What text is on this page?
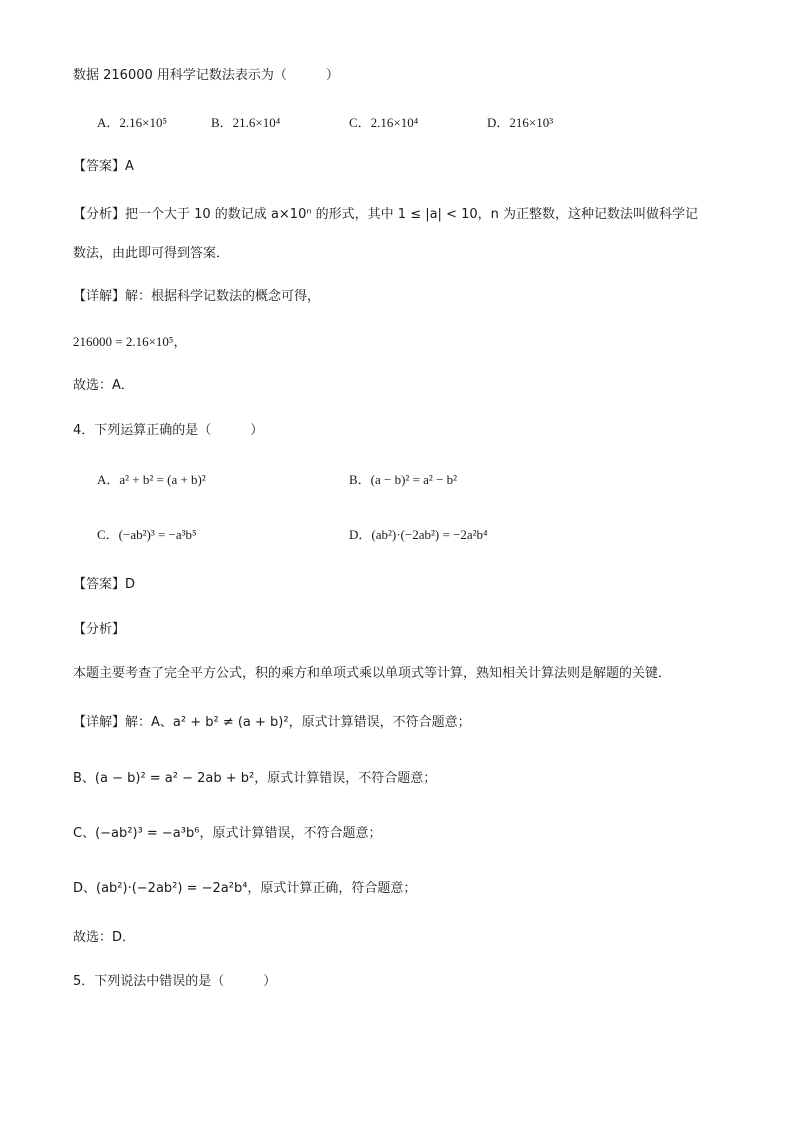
数据 216000 用科学记数法表示为（　　　）
A．2.16×10⁵	B．21.6×10⁴	C．2.16×10⁴	D．216×10³
【答案】A
【分析】把一个大于 10 的数记成 a×10ⁿ 的形式，其中 1 ≤ |a| < 10，n 为正整数，这种记数法叫做科学记
数法，由此即可得到答案．
【详解】解：根据科学记数法的概念可得，
216000 = 2.16×10⁵，
故选：A．
4．下列运算正确的是（　　　）
A．a² + b² = (a + b)²	B．(a − b)² = a² − b²
C．(−ab²)³ = −a³b⁵	D．(ab²)·(−2ab²) = −2a²b⁴
【答案】D
【分析】
本题主要考查了完全平方公式，积的乘方和单项式乘以单项式等计算，熟知相关计算法则是解题的关键．
【详解】解：A、a² + b² ≠ (a + b)²，原式计算错误，不符合题意；
B、(a − b)² = a² − 2ab + b²，原式计算错误，不符合题意；
C、(−ab²)³ = −a³b⁶，原式计算错误，不符合题意；
D、(ab²)·(−2ab²) = −2a²b⁴，原式计算正确，符合题意；
故选：D．
5．下列说法中错误的是（　　　）
